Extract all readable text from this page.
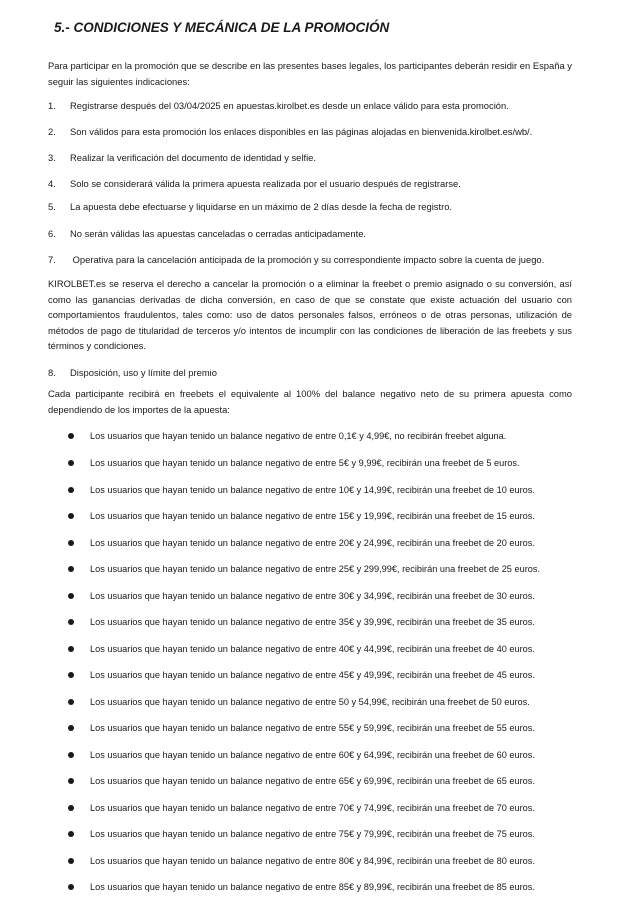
5.- CONDICIONES Y MECÁNICA DE LA PROMOCIÓN
Para participar en la promoción que se describe en las presentes bases legales, los participantes deberán residir en España y seguir las siguientes indicaciones:
1. Registrarse después del 03/04/2025 en apuestas.kirolbet.es desde un enlace válido para esta promoción.
2. Son válidos para esta promoción los enlaces disponibles en las páginas alojadas en bienvenida.kirolbet.es/wb/.
3. Realizar la verificación del documento de identidad y selfie.
4. Solo se considerará válida la primera apuesta realizada por el usuario después de registrarse.
5. La apuesta debe efectuarse y liquidarse en un máximo de 2 días desde la fecha de registro.
6. No serán válidas las apuestas canceladas o cerradas anticipadamente.
7. Operativa para la cancelación anticipada de la promoción y su correspondiente impacto sobre la cuenta de juego.
KIROLBET.es se reserva el derecho a cancelar la promoción o a eliminar la freebet o premio asignado o su conversión, así como las ganancias derivadas de dicha conversión, en caso de que se constate que existe actuación del usuario con comportamientos fraudulentos, tales como: uso de datos personales falsos, erróneos o de otras personas, utilización de métodos de pago de titularidad de terceros y/o intentos de incumplir con las condiciones de liberación de las freebets y sus términos y condiciones.
8. Disposición, uso y límite del premio
Cada participante recibirá en freebets el equivalente al 100% del balance negativo neto de su primera apuesta como dependiendo de los importes de la apuesta:
Los usuarios que hayan tenido un balance negativo de entre 0,1€ y 4,99€, no recibirán freebet alguna.
Los usuarios que hayan tenido un balance negativo de entre 5€ y 9,99€, recibirán una freebet de 5 euros.
Los usuarios que hayan tenido un balance negativo de entre 10€ y 14,99€, recibirán una freebet de 10 euros.
Los usuarios que hayan tenido un balance negativo de entre 15€ y 19,99€, recibirán una freebet de 15 euros.
Los usuarios que hayan tenido un balance negativo de entre 20€ y 24,99€, recibirán una freebet de 20 euros.
Los usuarios que hayan tenido un balance negativo de entre 25€ y 299,99€, recibirán una freebet de 25 euros.
Los usuarios que hayan tenido un balance negativo de entre 30€ y 34,99€, recibirán una freebet de 30 euros.
Los usuarios que hayan tenido un balance negativo de entre 35€ y 39,99€, recibirán una freebet de 35 euros.
Los usuarios que hayan tenido un balance negativo de entre 40€ y 44,99€, recibirán una freebet de 40 euros.
Los usuarios que hayan tenido un balance negativo de entre 45€ y 49,99€, recibirán una freebet de 45 euros.
Los usuarios que hayan tenido un balance negativo de entre 50 y 54,99€, recibirán una freebet de 50 euros.
Los usuarios que hayan tenido un balance negativo de entre 55€ y 59,99€, recibirán una freebet de 55 euros.
Los usuarios que hayan tenido un balance negativo de entre 60€ y 64,99€, recibirán una freebet de 60 euros.
Los usuarios que hayan tenido un balance negativo de entre 65€ y 69,99€, recibirán una freebet de 65 euros.
Los usuarios que hayan tenido un balance negativo de entre 70€ y 74,99€, recibirán una freebet de 70 euros.
Los usuarios que hayan tenido un balance negativo de entre 75€ y 79,99€, recibirán una freebet de 75 euros.
Los usuarios que hayan tenido un balance negativo de entre 80€ y 84,99€, recibirán una freebet de 80 euros.
Los usuarios que hayan tenido un balance negativo de entre 85€ y 89,99€, recibirán una freebet de 85 euros.
